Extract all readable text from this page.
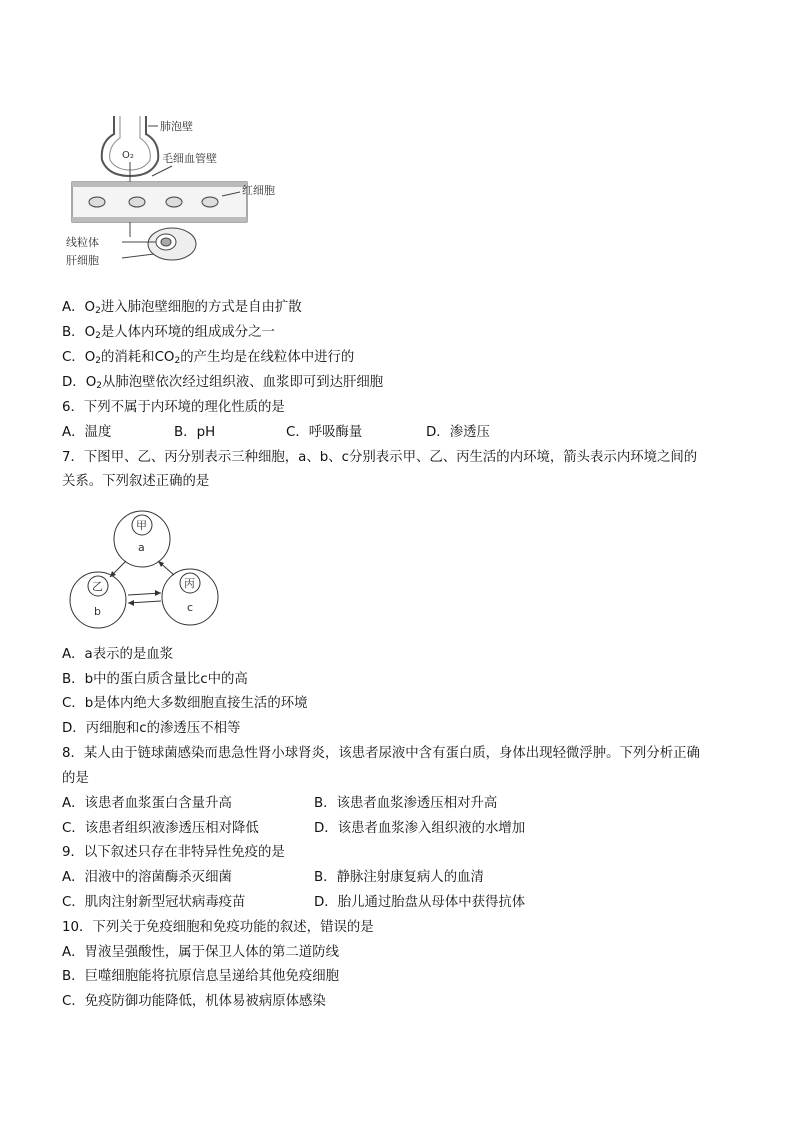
O₂
肺泡壁
毛细血管壁
红细胞
线粒体
肝细胞
A．$O_2$进入肺泡壁细胞的方式是自由扩散
B．$O_2$是人体内环境的组成成分之一
C．$O_2$的消耗和$CO_2$的产生均是在线粒体中进行的
D．$O_2$从肺泡壁依次经过组织液、血浆即可到达肝细胞
6．下列不属于内环境的理化性质的是
A．温度	B．pH	C．呼吸酶量	D．渗透压
7．下图甲、乙、丙分别表示三种细胞，a、b、c分别表示甲、乙、丙生活的内环境，箭头表示内环境之间的
关系。下列叙述正确的是
甲
a
乙
b
丙
c
A．a表示的是血浆
B．b中的蛋白质含量比c中的高
C．b是体内绝大多数细胞直接生活的环境
D．丙细胞和c的渗透压不相等
8．某人由于链球菌感染而患急性肾小球肾炎，该患者尿液中含有蛋白质，身体出现轻微浮肿。下列分析正确
的是
A．该患者血浆蛋白含量升高	B．该患者血浆渗透压相对升高
C．该患者组织液渗透压相对降低	D．该患者血浆渗入组织液的水增加
9．以下叙述只存在非特异性免疫的是
A．泪液中的溶菌酶杀灭细菌	B．静脉注射康复病人的血清
C．肌肉注射新型冠状病毒疫苗	D．胎儿通过胎盘从母体中获得抗体
10．下列关于免疫细胞和免疫功能的叙述，错误的是
A．胃液呈强酸性，属于保卫人体的第二道防线
B．巨噬细胞能将抗原信息呈递给其他免疫细胞
C．免疫防御功能降低，机体易被病原体感染
